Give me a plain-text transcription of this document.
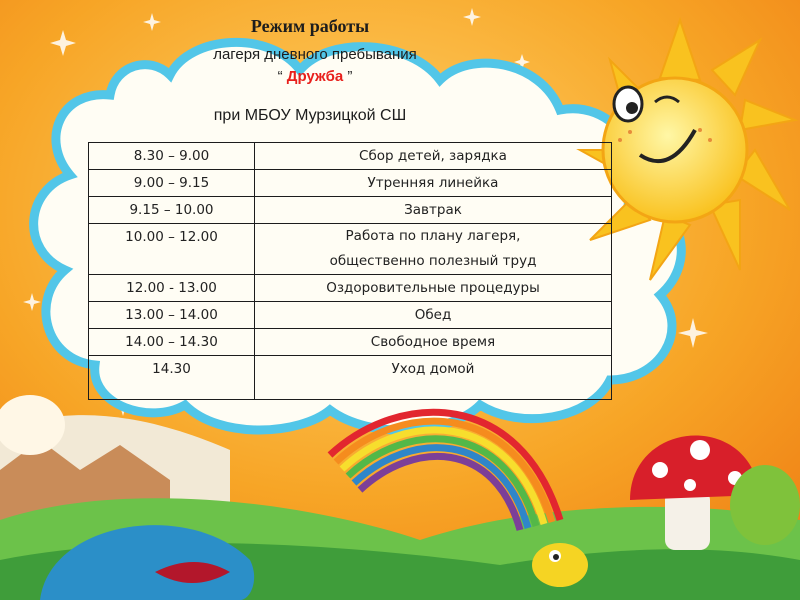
Режим работы
лагеря дневного пребывания
“ Дружба ”
при МБОУ Мурзицкой СШ
8.30 – 9.00	Сбор детей, зарядка
9.00 – 9.15	Утренняя линейка
9.15 – 10.00	Завтрак
10.00 – 12.00	Работа по плану лагеря,
общественно полезный труд

12.00 - 13.00	Оздоровительные процедуры
13.00 – 14.00	Обед
14.00 – 14.30	Свободное время
14.30	Уход домой
